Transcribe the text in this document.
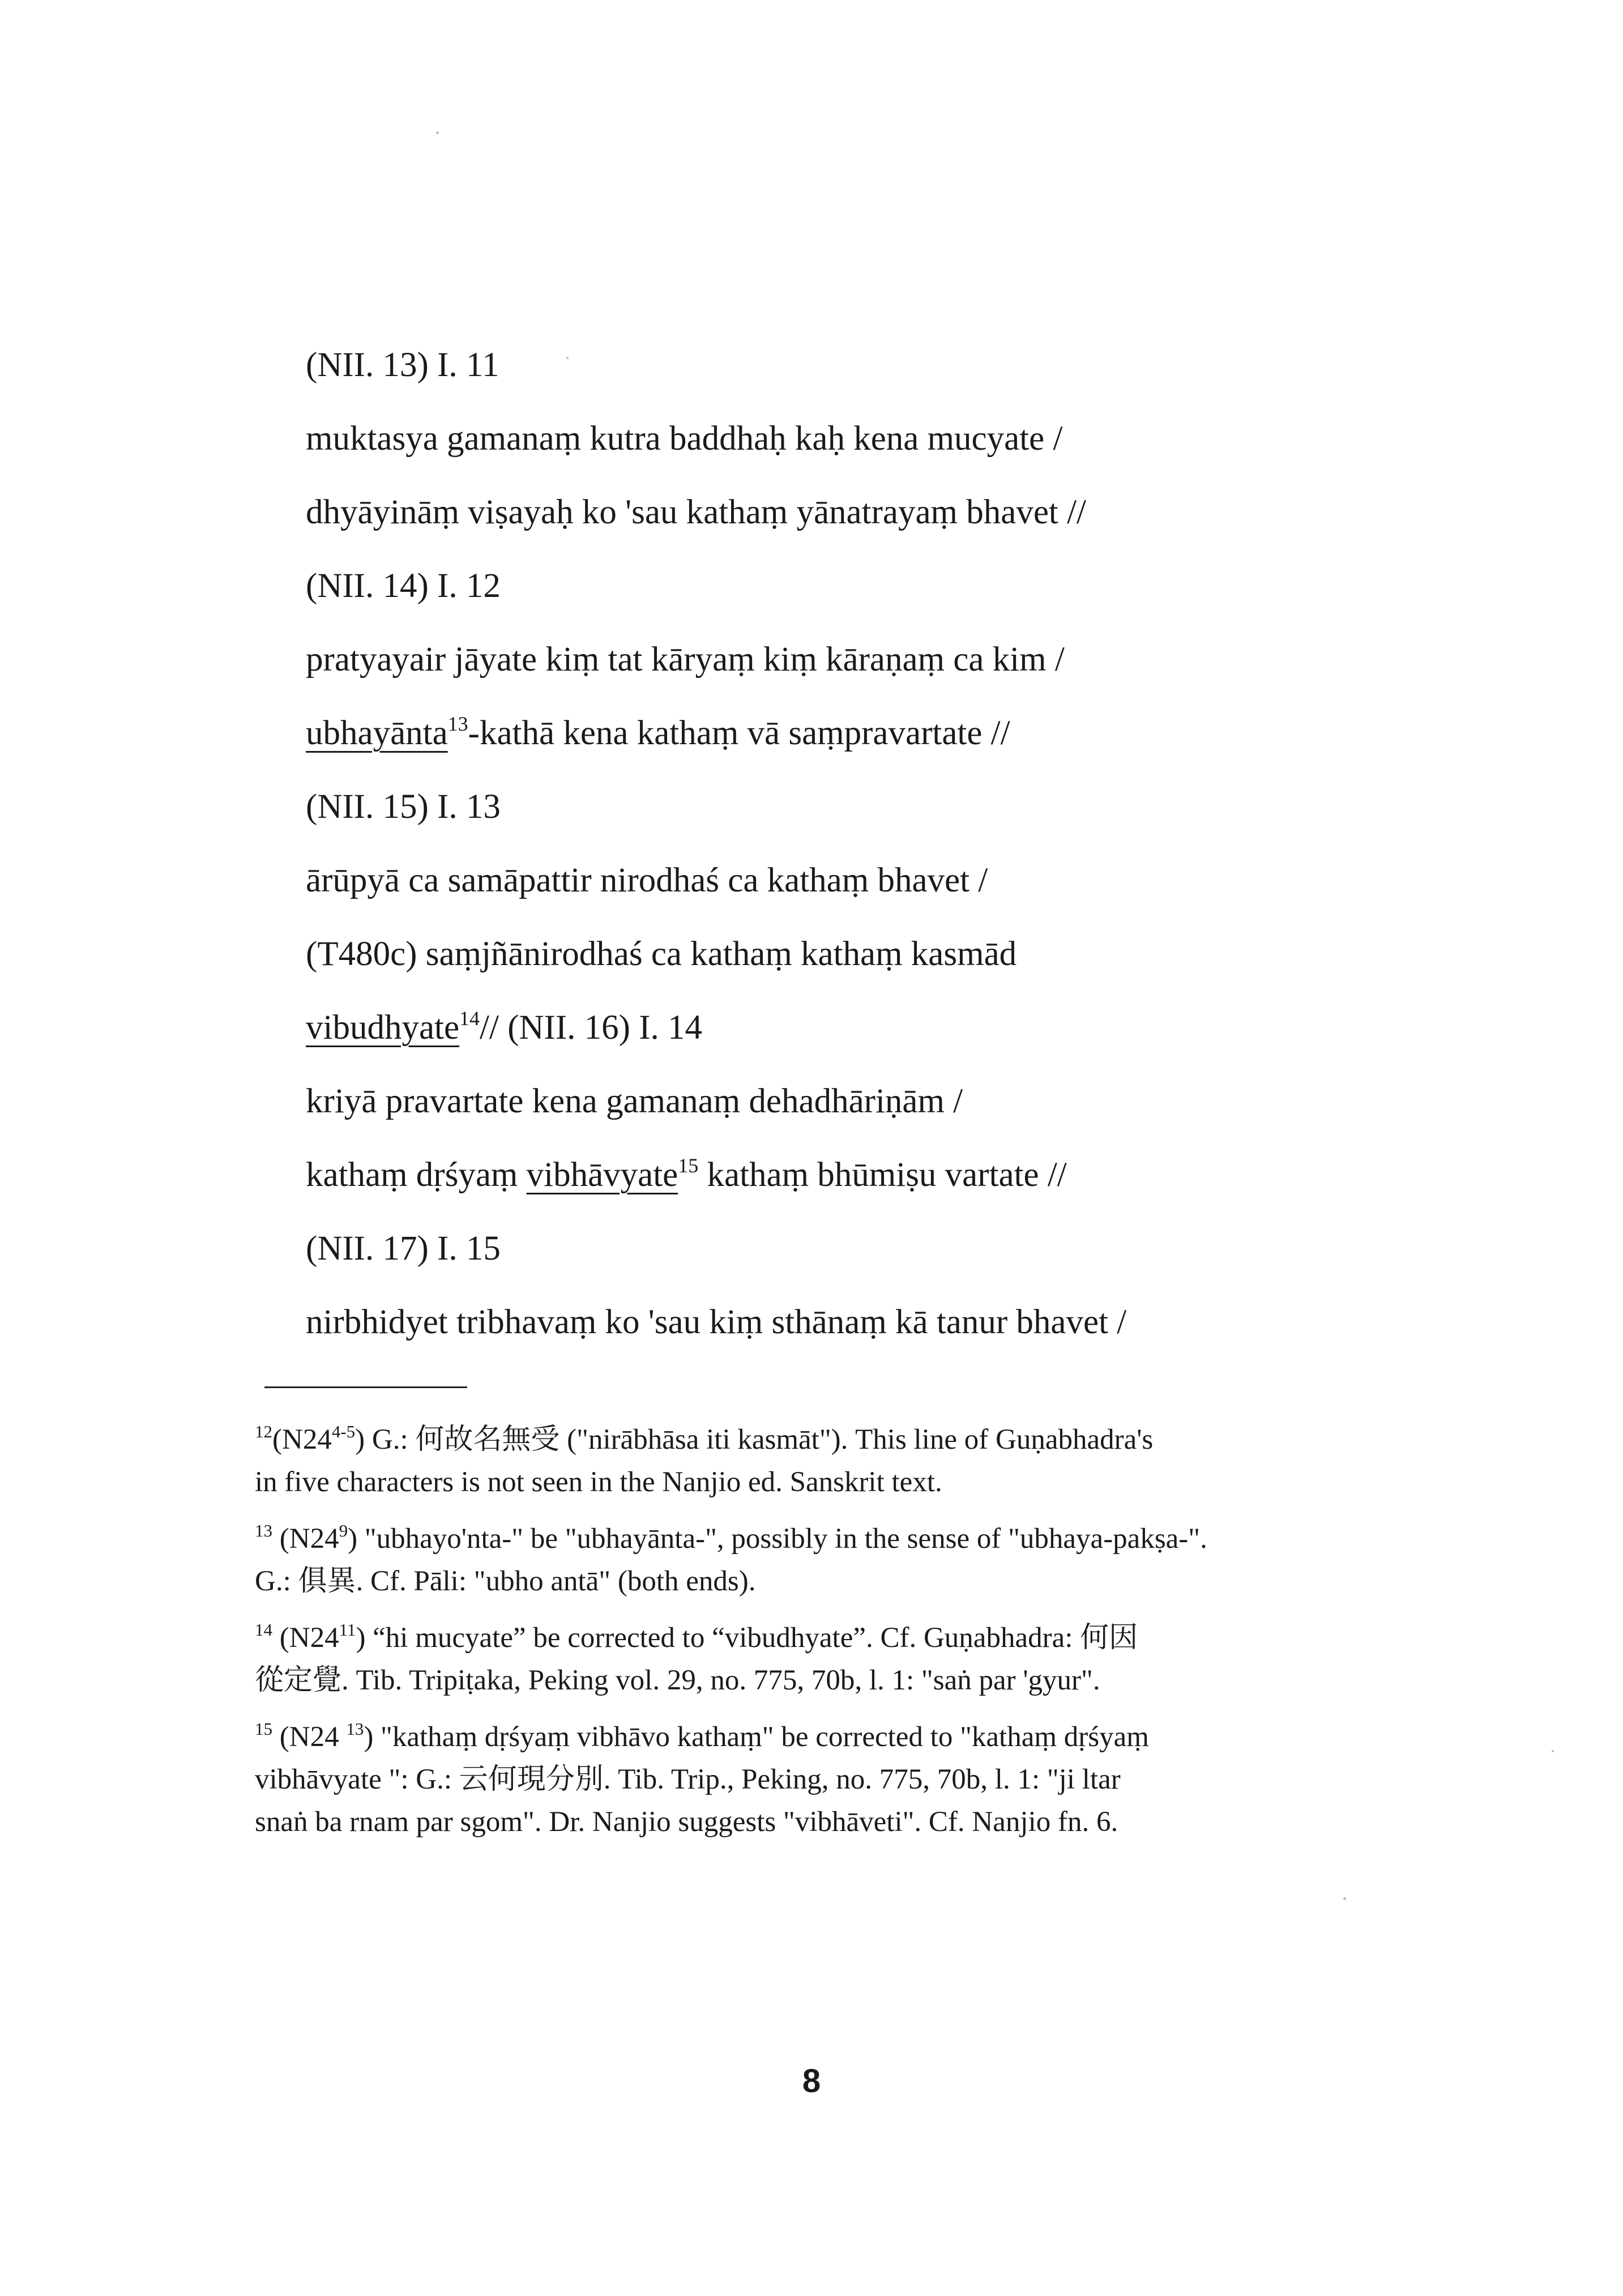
(NII. 13) I. 11

muktasya gamanaṃ kutra baddhaḥ kaḥ kena mucyate /

dhyāyināṃ viṣayaḥ ko 'sau kathaṃ yānatrayaṃ bhavet //

(NII. 14) I. 12

pratyayair jāyate kiṃ tat kāryaṃ kiṃ kāraṇaṃ ca kim /

ubhayānta$^{13}$-kathā kena kathaṃ vā saṃpravartate //

(NII. 15) I. 13

ārūpyā ca samāpattir nirodhaś ca kathaṃ bhavet /

(T480c) saṃjñānirodhaś ca kathaṃ kathaṃ kasmād

vibudhyate$^{14}$// (NII. 16) I. 14

kriyā pravartate kena gamanaṃ dehadhāriṇām /

kathaṃ dṛśyaṃ vibhāvyate$^{15}$ kathaṃ bhūmiṣu vartate //

(NII. 17) I. 15

nirbhidyet tribhavaṃ ko 'sau kiṃ sthānaṃ kā tanur bhavet /

$^{12}$(N24$^{4-5}$) G.: 何故名無受 ("nirābhāsa iti kasmāt"). This line of Guṇabhadra's
in five characters is not seen in the Nanjio ed. Sanskrit text.

$^{13}$ $(N24^9)$ "ubhayo'nta-" be "ubhayānta-", possibly in the sense of "ubhaya-pakṣa-".
G.: 俱異. Cf. Pāli: "ubho antā" (both ends).

$^{14}$ $(N24^{11})$ “hi mucyate” be corrected to “vibudhyate”. Cf. Guṇabhadra: 何因
從定覺. Tib. Tripiṭaka, Peking vol. 29, no. 775, 70b, l. 1: "saṅ par 'gyur".

$^{15}$ (N24 $^{13}$) "kathaṃ dṛśyaṃ vibhāvo kathaṃ" be corrected to "kathaṃ dṛśyaṃ
vibhāvyate ": G.: 云何現分別. Tib. Trip., Peking, no. 775, 70b, l. 1: "ji ltar
snaṅ ba rnam par sgom". Dr. Nanjio suggests "vibhāveti". Cf. Nanjio fn. 6.

8
